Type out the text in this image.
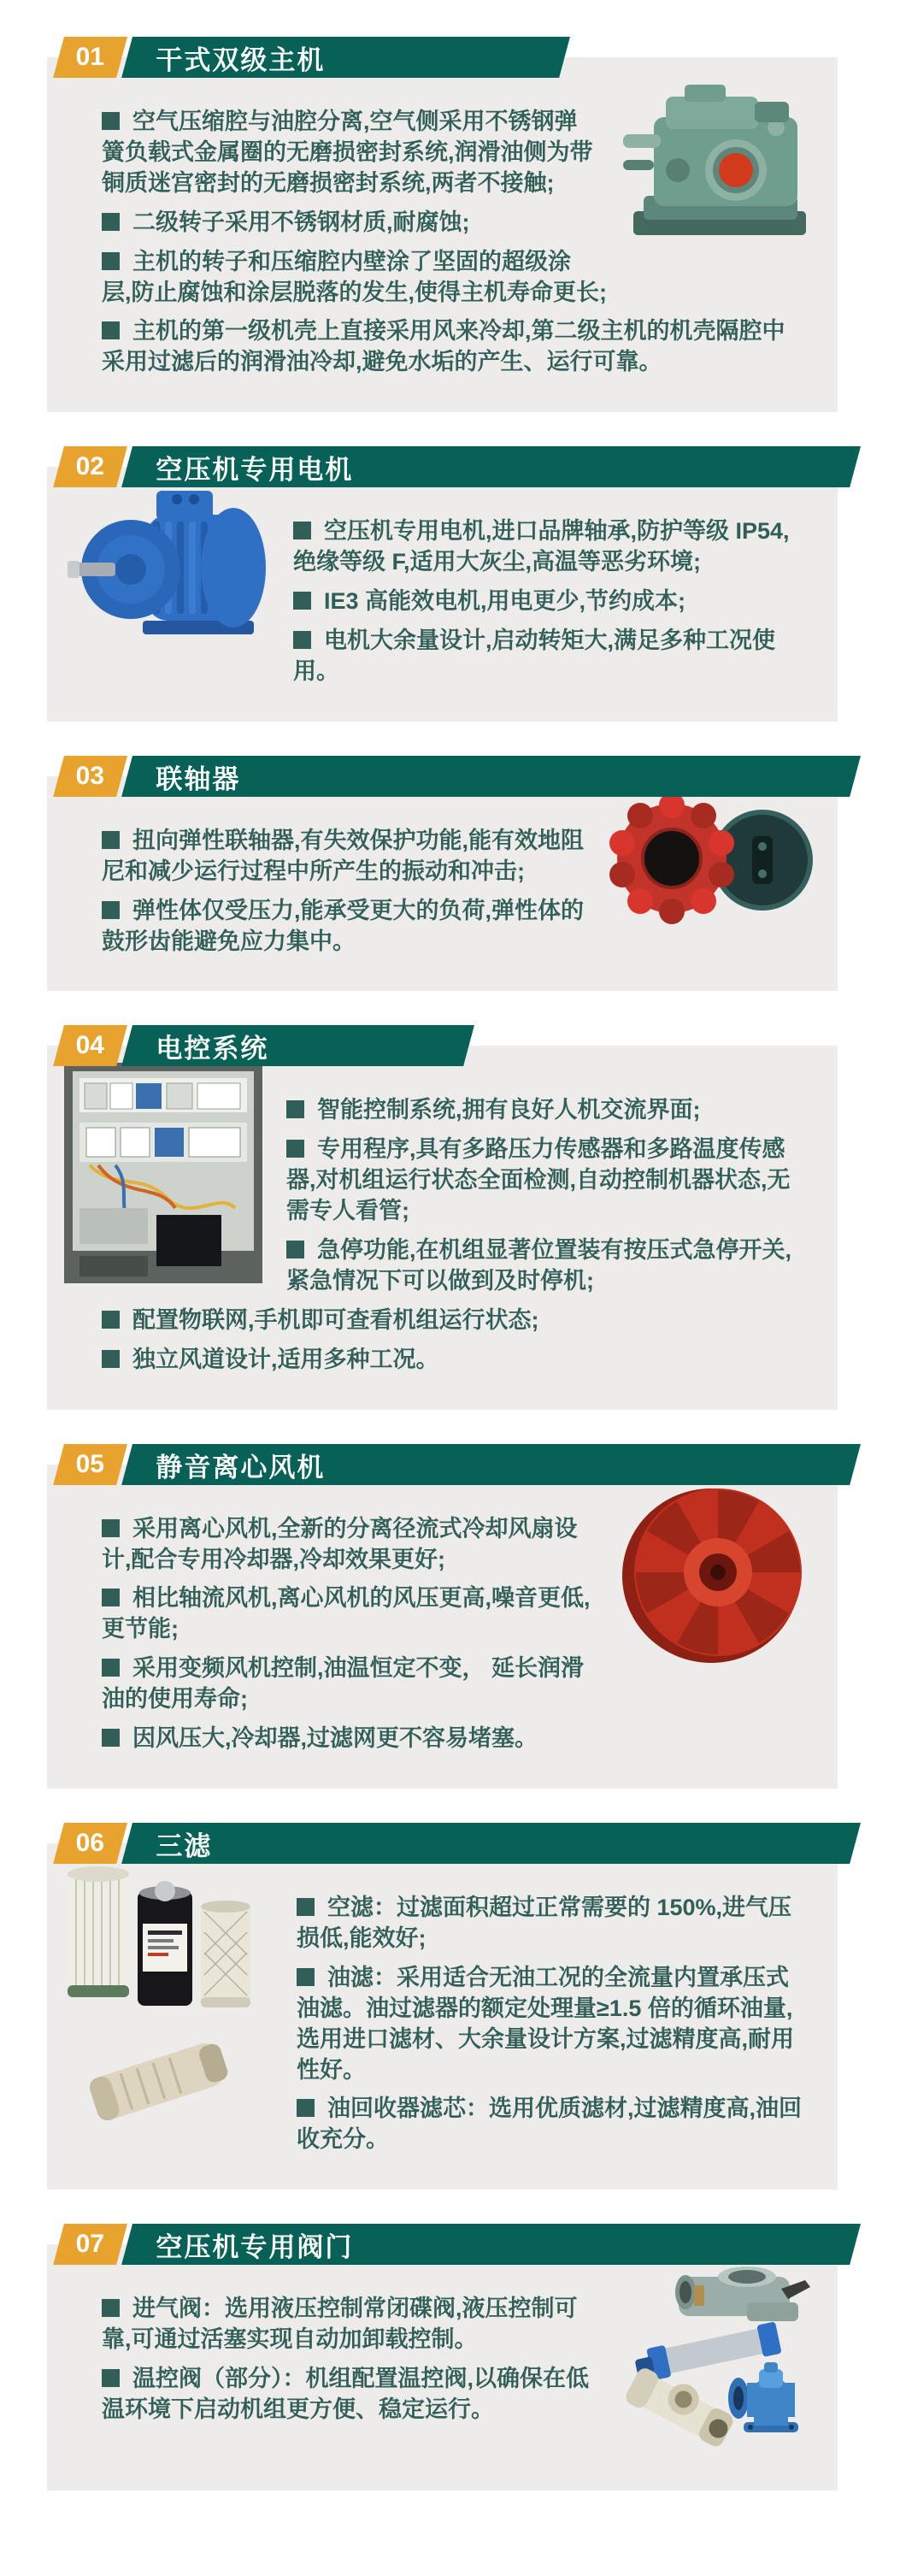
01	干式双级主机

空气压缩腔与油腔分离,空气侧采用不锈钢弹簧负载式金属圈的无磨损密封系统,润滑油侧为带铜质迷宫密封的无磨损密封系统,两者不接触;

二级转子采用不锈钢材质,耐腐蚀;

主机的转子和压缩腔内壁涂了坚固的超级涂层,防止腐蚀和涂层脱落的发生,使得主机寿命更长;

主机的第一级机壳上直接采用风来冷却,第二级主机的机壳隔腔中采用过滤后的润滑油冷却,避免水垢的产生、运行可靠。

02	空压机专用电机

空压机专用电机,进口品牌轴承,防护等级 IP54,绝缘等级 F,适用大灰尘,高温等恶劣环境;

IE3 高能效电机,用电更少,节约成本;

电机大余量设计,启动转矩大,满足多种工况使用。

03	联轴器

扭向弹性联轴器,有失效保护功能,能有效地阻尼和减少运行过程中所产生的振动和冲击;

弹性体仅受压力,能承受更大的负荷,弹性体的鼓形齿能避免应力集中。

04	电控系统

智能控制系统,拥有良好人机交流界面;

专用程序,具有多路压力传感器和多路温度传感器,对机组运行状态全面检测,自动控制机器状态,无需专人看管;

急停功能,在机组显著位置装有按压式急停开关,紧急情况下可以做到及时停机;

配置物联网,手机即可查看机组运行状态;

独立风道设计,适用多种工况。

05	静音离心风机

采用离心风机,全新的分离径流式冷却风扇设计,配合专用冷却器,冷却效果更好;

相比轴流风机,离心风机的风压更高,噪音更低,更节能;

采用变频风机控制,油温恒定不变， 延长润滑油的使用寿命;

因风压大,冷却器,过滤网更不容易堵塞。

06	三滤

空滤：过滤面积超过正常需要的 150%,进气压损低,能效好;

油滤：采用适合无油工况的全流量内置承压式油滤。油过滤器的额定处理量≥1.5 倍的循环油量,选用进口滤材、大余量设计方案,过滤精度高,耐用性好。

油回收器滤芯：选用优质滤材,过滤精度高,油回收充分。

07	空压机专用阀门

进气阀：选用液压控制常闭碟阀,液压控制可靠,可通过活塞实现自动加卸载控制。

温控阀（部分）：机组配置温控阀,以确保在低温环境下启动机组更方便、稳定运行。
